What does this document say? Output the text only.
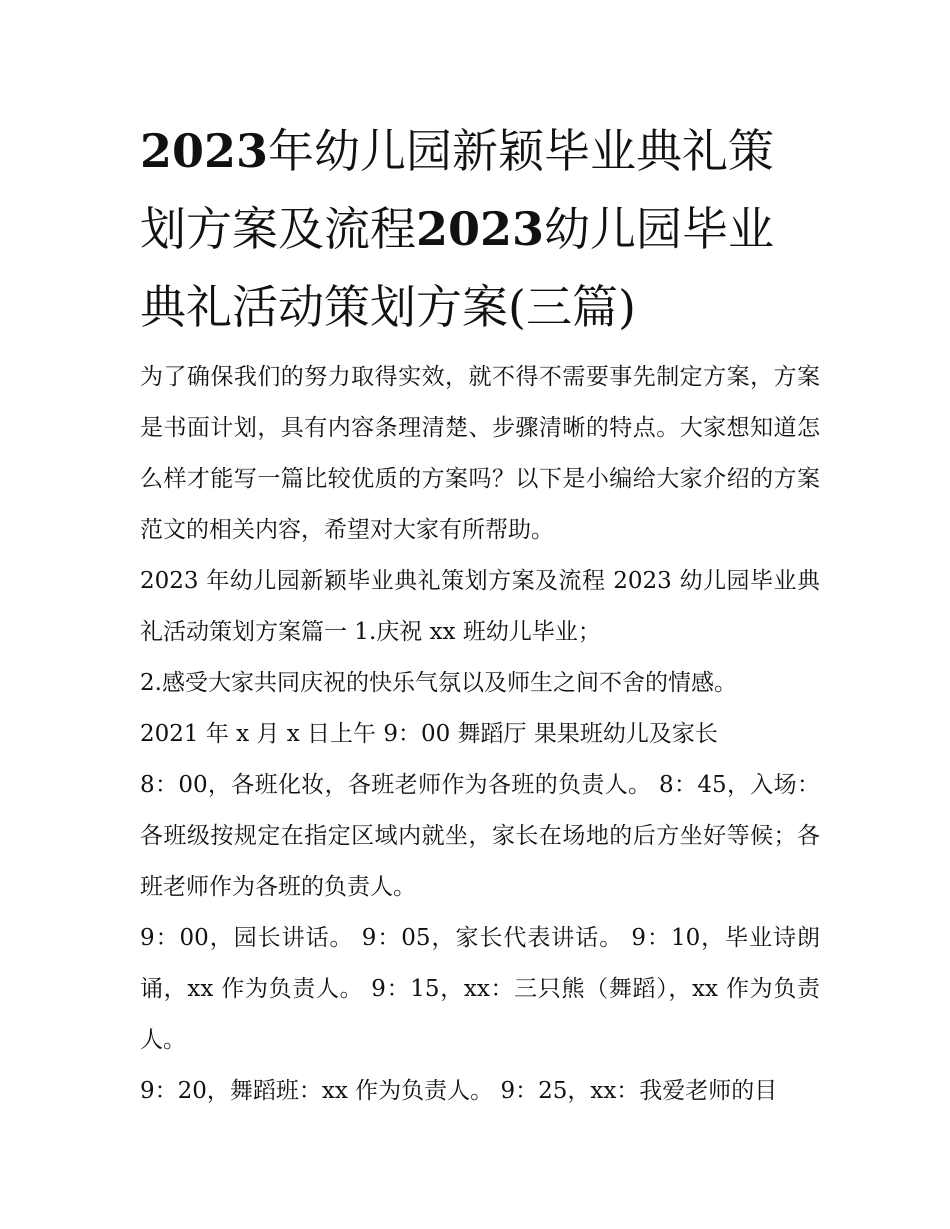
2023年幼儿园新颖毕业典礼策划方案及流程2023幼儿园毕业典礼活动策划方案(三篇)

为了确保我们的努力取得实效，就不得不需要事先制定方案，方案是书面计划，具有内容条理清楚、步骤清晰的特点。大家想知道怎么样才能写一篇比较优质的方案吗？以下是小编给大家介绍的方案范文的相关内容，希望对大家有所帮助。

2023 年幼儿园新颖毕业典礼策划方案及流程 2023 幼儿园毕业典礼活动策划方案篇一 1.庆祝 xx 班幼儿毕业；

2.感受大家共同庆祝的快乐气氛以及师生之间不舍的情感。

2021 年 x 月 x 日上午 9：00 舞蹈厅 果果班幼儿及家长

8：00，各班化妆，各班老师作为各班的负责人。 8：45，入场：各班级按规定在指定区域内就坐，家长在场地的后方坐好等候；各班老师作为各班的负责人。

9：00，园长讲话。 9：05，家长代表讲话。 9：10，毕业诗朗诵，xx 作为负责人。 9：15，xx：三只熊（舞蹈），xx 作为负责人。

9：20，舞蹈班：xx 作为负责人。 9：25，xx：我爱老师的目
